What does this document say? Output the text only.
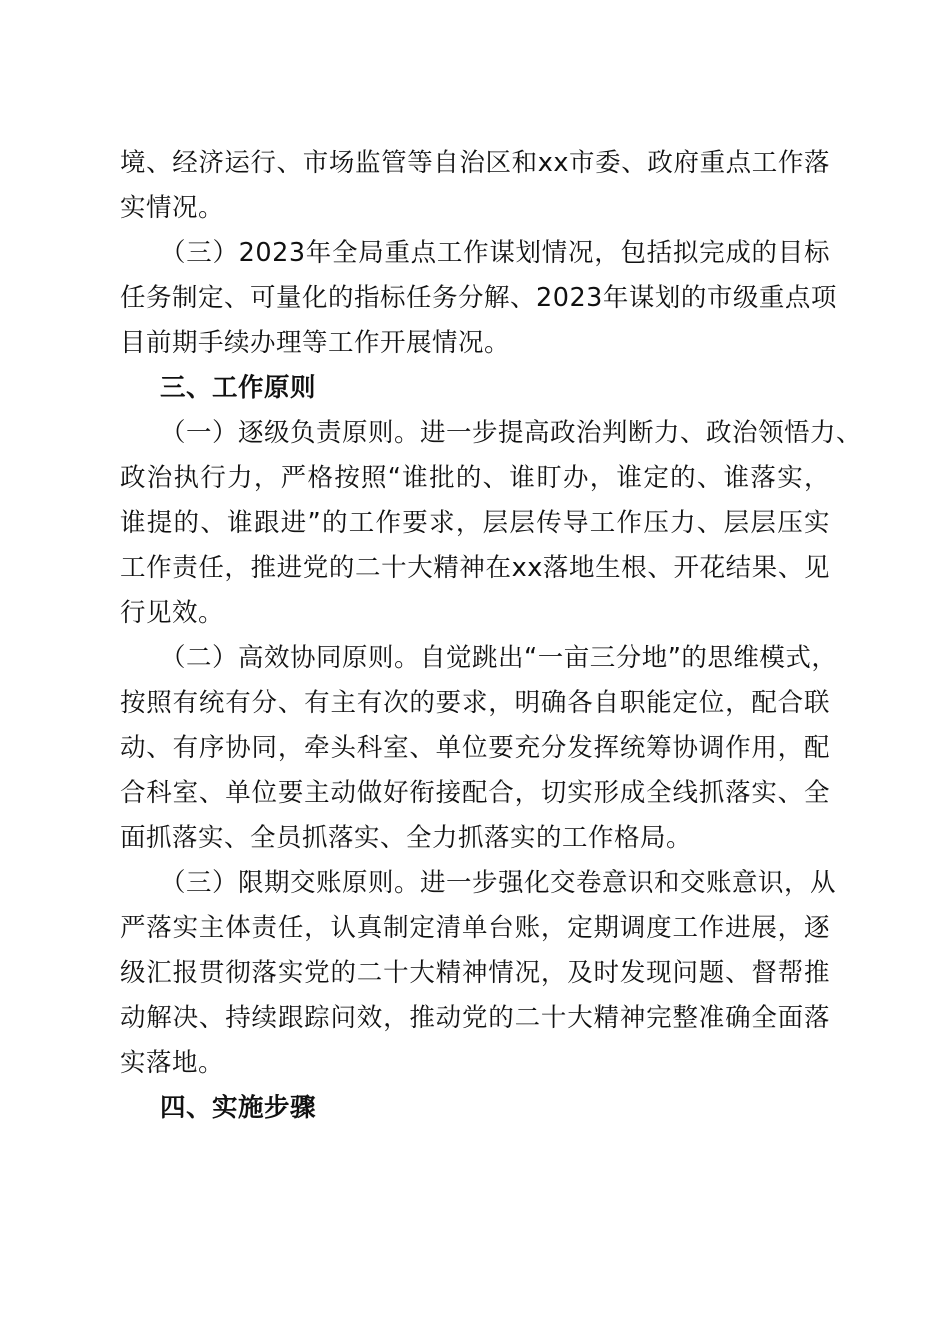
境、经济运行、市场监管等自治区和xx市委、政府重点工作落
实情况。
（三）2023年全局重点工作谋划情况，包括拟完成的目标
任务制定、可量化的指标任务分解、2023年谋划的市级重点项
目前期手续办理等工作开展情况。
三、工作原则
（一）逐级负责原则。进一步提高政治判断力、政治领悟力、
政治执行力，严格按照“谁批的、谁盯办，谁定的、谁落实，
谁提的、谁跟进”的工作要求，层层传导工作压力、层层压实
工作责任，推进党的二十大精神在xx落地生根、开花结果、见
行见效。
（二）高效协同原则。自觉跳出“一亩三分地”的思维模式，
按照有统有分、有主有次的要求，明确各自职能定位，配合联
动、有序协同，牵头科室、单位要充分发挥统筹协调作用，配
合科室、单位要主动做好衔接配合，切实形成全线抓落实、全
面抓落实、全员抓落实、全力抓落实的工作格局。
（三）限期交账原则。进一步强化交卷意识和交账意识，从
严落实主体责任，认真制定清单台账，定期调度工作进展，逐
级汇报贯彻落实党的二十大精神情况，及时发现问题、督帮推
动解决、持续跟踪问效，推动党的二十大精神完整准确全面落
实落地。
四、实施步骤
